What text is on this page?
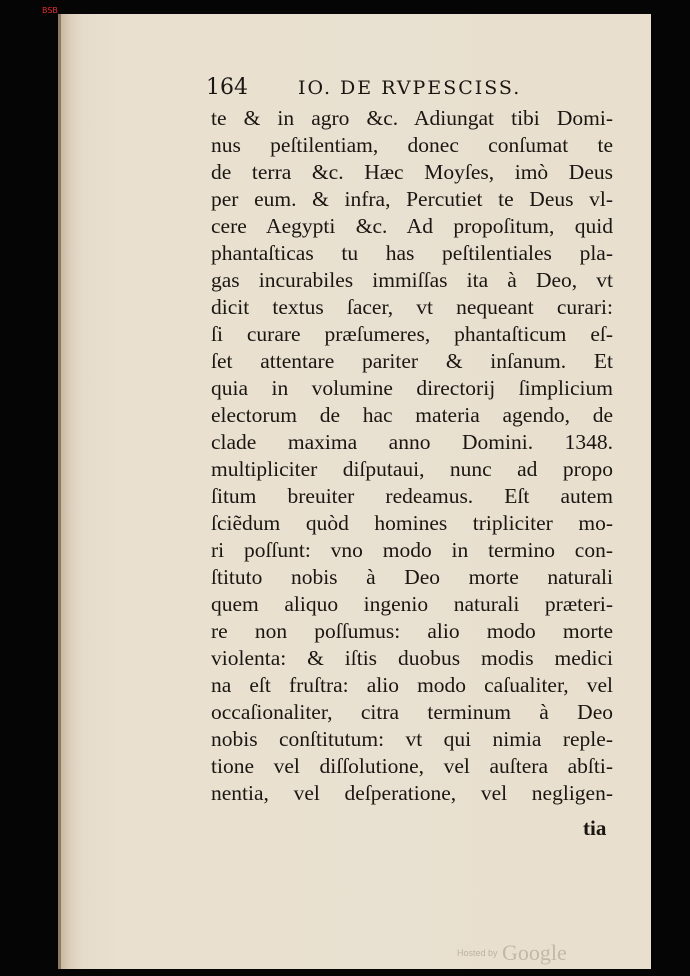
BSB
164	IO. DE RVPESCISS.
te & in agro &c. Adiungat tibi Domi-
nus peſtilentiam, donec conſumat te
de terra &c. Hæc Moyſes, imò Deus
per eum. & infra, Percutiet te Deus vl-
cere Aegypti &c. Ad propoſitum, quid
phantaſticas tu has peſtilentiales pla-
gas incurabiles immiſſas ita à Deo, vt
dicit textus ſacer, vt nequeant curari:
ſi curare præſumeres, phantaſticum eſ-
ſet attentare pariter & inſanum. Et
quia in volumine directorij ſimplicium
electorum de hac materia agendo, de
clade maxima anno Domini. 1348.
multipliciter diſputaui, nunc ad propo
ſitum breuiter redeamus. Eſt autem
ſciẽdum quòd homines tripliciter mo-
ri poſſunt: vno modo in termino con-
ſtituto nobis à Deo morte naturali
quem aliquo ingenio naturali præteri-
re non poſſumus: alio modo morte
violenta: & iſtis duobus modis medici
na eſt fruſtra: alio modo caſualiter, vel
occaſionaliter, citra terminum à Deo
nobis conſtitutum: vt qui nimia reple-
tione vel diſſolutione, vel auſtera abſti-
nentia, vel deſperatione, vel negligen-
tia
Hosted by Google
